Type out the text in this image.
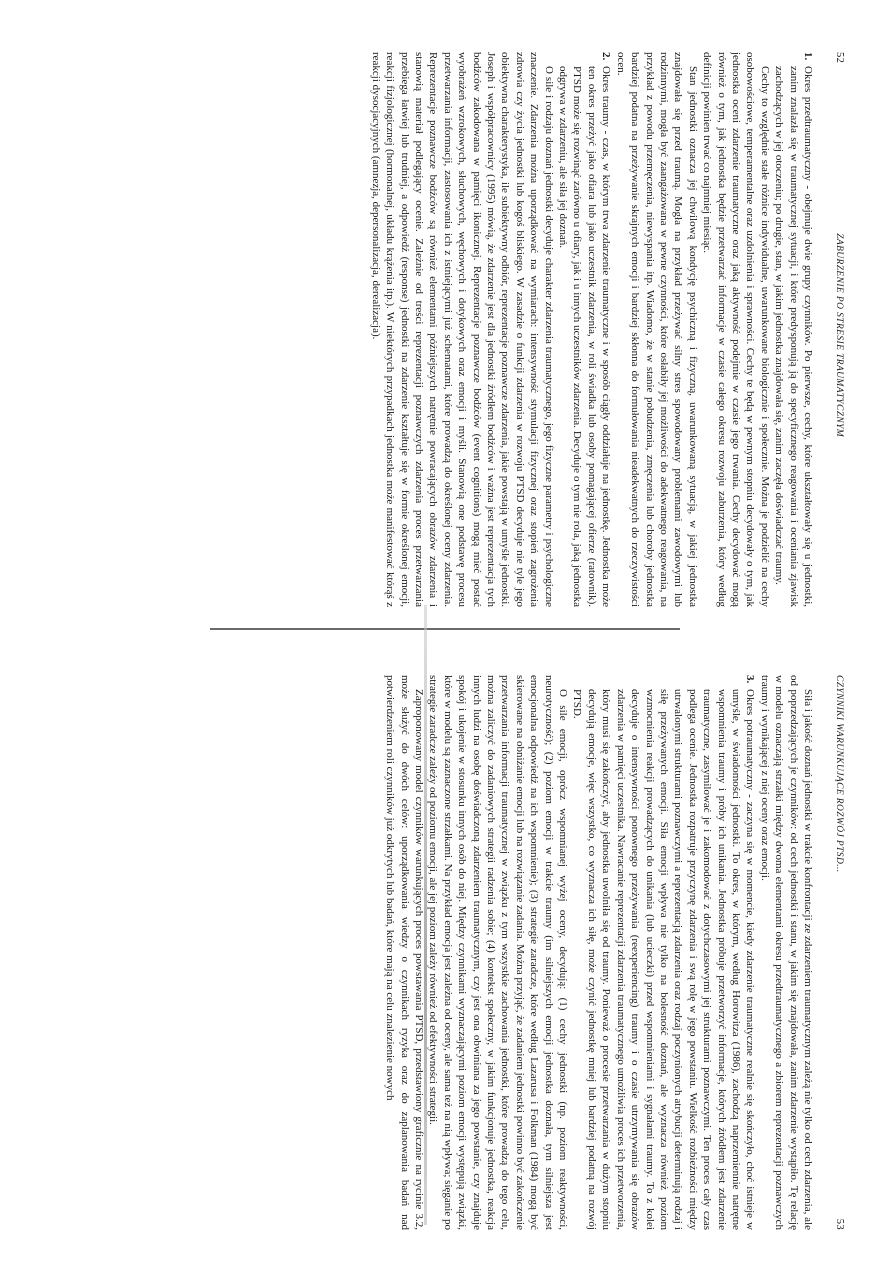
52
ZABURZENIE PO STRESIE TRAUMATYCZNYM

1.
Okres przedtraumatyczny - obejmuje dwie grupy czynników. Po pierwsze, cechy, które ukształtowały się u jednostki, zanim znalazła się w traumatycznej sytuacji, i które predysponują ją do specyficznego reagowania i oceniania zjawisk zachodzących w jej otoczeniu; po drugie, stan, w jakim jednostka znajdowała się, zanim zaczęła doświadczać traumy.

Cechy to względnie stałe różnice indywidualne, uwarunkowane biologicznie i społecznie. Można je podzielić na cechy osobowościowe, temperamentalne oraz uzdolnienia i sprawności. Cechy te będą w pewnym stopniu decydowały o tym, jak jednostka oceni zdarzenie traumatyczne oraz jaką aktywność podejmie w czasie jego trwania. Cechy decydować mogą również o tym, jak jednostka będzie przetwarzać informacje w czasie całego okresu rozwoju zaburzenia, który według definicji powinien trwać co najmniej miesiąc.

Stan jednostki oznacza jej chwilową kondycję psychiczną i fizyczną, uwarunkowaną sytuacją, w jakiej jednostka znajdowała się przed traumą. Mogła na przykład przeżywać silny stres spowodowany problemami zawodowymi lub rodzinnymi, mogła być zaangażowana w pewne czynności, które osłabiły jej możliwości do adekwatnego reagowania, na przykład z powodu przemęczenia, niewyspania itp. Wiadomo, że w stanie pobudzenia, zmęczenia lub choroby jednostka bardziej podatna na przeżywanie skrajnych emocji i bardziej skłonna do formułowania nieadekwatnych do rzeczywistości ocen.

2.
Okres traumy - czas, w którym trwa zdarzenie traumatyczne i w sposób ciągły oddziałuje na jednostkę. Jednostka może ten okres przeżyć jako ofiara lub jako uczestnik zdarzenia, w roli świadka lub osoby pomagającej ofierze (ratownik). PTSD może się rozwinąć zarówno u ofiary, jak i u innych uczestników zdarzenia. Decyduje o tym nie rola, jaką jednostka odgrywa w zdarzeniu, ale siła jej doznań.

O sile i rodzaju doznań jednostki decyduje charakter zdarzenia traumatycznego, jego fizyczne parametry i psychologiczne znaczenie. Zdarzenia można uporządkować na wymiarach: intensywność stymulacji fizycznej oraz stopień zagrożenia zdrowia czy życia jednostki lub kogoś bliskiego. W zasadzie o funkcji zdarzenia w rozwoju PTSD decyduje nie tyle jego obiektywna charakterystyka, ile subiektywny odbiór, reprezentacje poznawcze zdarzenia, jakie powstają w umyśle jednostki. Joseph i współpracownicy (1995) mówią, że zdarzenie jest dla jednostki źródłem bodźców i ważna jest reprezentacja tych bodźców zakodowana w pamięci ikonicznej. Reprezentacje poznawcze bodźców (event cognitions) mogą mieć postać wyobrażeń wzrokowych, słuchowych, węchowych i dotykowych oraz emocji i myśli. Stanowią one podstawę procesu przetwarzania informacji, zastosowania ich z istniejącymi już schematami, które prowadzą do określonej oceny zdarzenia. Reprezentacje poznawcze bodźców są również elementami późniejszych natrętnie powracających obrazów zdarzenia i stanowią materiał podlegający ocenie. Zależnie od treści reprezentacji poznawczych zdarzenia proces przetwarzania przebiega łatwiej lub trudniej, a odpowiedź (response) jednostki na zdarzenie kształtuje się w formie określonej emocji, reakcji fizjologicznej (hormonalnej, układu krążenia itp.). W niektórych przypadkach jednostka może manifestować którąś z reakcji dysocjacyjnych (amnezja, depersonalizacja, derealizacja).

CZYNNIKI WARUNKUJĄCE ROZWÓJ PTSD...
53

Siła i jakość doznań jednostki w trakcie konfrontacji ze zdarzeniem traumatycznym zależą nie tylko od cech zdarzenia, ale od poprzedzających je czynników: od cech jednostki i stanu, w jakim się znajdowała, zanim zdarzenie wystąpiło. Tę relację w modelu oznaczają strzałki między dwoma elementami okresu przedtraumatycznego a zbiorem reprezentacji poznawczych traumy i wynikającej z niej oceny oraz emocji.

3.
Okres potraumatyczny - zaczyna się w momencie, kiedy zdarzenie traumatyczne realnie się skończyło, choć istnieje w umyśle, w świadomości jednostki. To okres, w którym, według Horowitza (1986), zachodzą naprzemiennie natrętne wspomnienia traumy i próby ich unikania. Jednostka próbuje przetworzyć informacje, których źródłem jest zdarzenie traumatyczne, zasymilować je i zakomodować z dotychczasowymi jej strukturami poznawczymi. Ten proces cały czas podlega ocenie. Jednostka rozpatruje przyczynę zdarzenia i swą rolę w jego powstaniu. Wielkość rozbieżności między utrwalonymi strukturami poznawczymi a reprezentacją zdarzenia oraz rodzaj poczynionych atrybucji determinują rodzaj i siłę przeżywanych emocji. Siła emocji wpływa nie tylko na bolesność doznań, ale wyznacza również poziom wzmocnienia reakcji prowadzących do unikania (lub ucieczki) przed wspomnieniami i sygnałami traumy. To z kolei decyduje o intensywności ponownego przeżywania (reexperiencing) traumy i o czasie utrzymywania się obrazów zdarzenia w pamięci uczestnika. Nawracanie reprezentacji zdarzenia traumatycznego umożliwia proces ich przetworzenia, który musi się zakończyć, aby jednostka uwolniła się od traumy. Ponieważ o procesie przetwarzania w dużym stopniu decydują emocje, więc wszystko, co wyznacza ich siłę, może czynić jednostkę mniej lub bardziej podatną na rozwój PTSD.

O sile emocji, oprócz wspomnianej wyżej oceny, decydują: (1) cechy jednostki (np. poziom reaktywności, neurotyczność); (2) poziom emocji w trakcie traumy (im silniejszych emocji jednostka doznała, tym silniejsza jest emocjonalna odpowiedź na ich wspomnienie); (3) strategie zaradcze, które według Lazarusa i Folkman (1984) mogą być skierowane na obniżanie emocji lub na rozwiązanie zadania. Można przyjąć, że zadaniem jednostki powinno być zakończenie przetwarzania informacji traumatycznej w związku z tym wszystkie zachowania jednostki, które prowadzą do tego celu, można zaliczyć do zadaniowych strategii radzenia sobie; (4) kontekst społeczny, w jakim funkcjonuje jednostka, reakcja innych ludzi na osobę doświadczoną zdarzeniem traumatycznym, czy jest ona obwiniana za jego powstanie, czy znajduje spokój i ukojenie w stosunku innych osób do niej. Między czynnikami wyznaczającymi poziom emocji występują związki, które w modelu są zaznaczone strzałkami. Na przykład emocja jest zależna od oceny, ale sama też na nią wpływa; sięganie po strategie zaradcze zależy od poziomu emocji, ale jej poziom zależy również od efektywności strategii.

Zaproponowany model czynników warunkujących proces powstawania PTSD, przedstawiony graficznie na rycinie 3.2, może służyć do dwóch celów: uporządkowania wiedzy o czynnikach ryzyka oraz do zaplanowania badań nad potwierdzeniem roli czynników już odkrytych lub badań, które mają na celu znalezienie nowych
